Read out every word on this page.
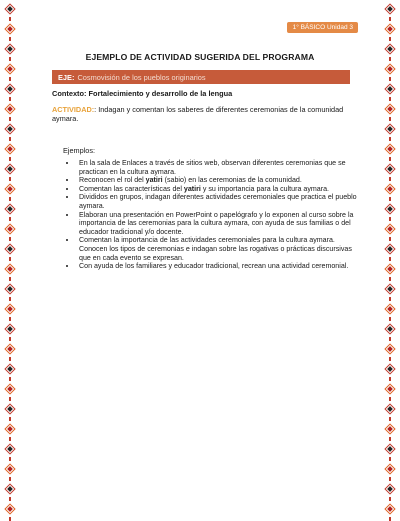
1° BÁSICO Unidad 3
EJEMPLO DE ACTIVIDAD SUGERIDA DEL PROGRAMA
EJE: Cosmovisión de los pueblos originarios
Contexto: Fortalecimiento y desarrollo de la lengua
ACTIVIDAD:: Indagan y comentan los saberes de diferentes ceremonias de la comunidad aymara.
Ejemplos:
• En la sala de Enlaces a través de sitios web, observan diferentes ceremonias que se practican en la cultura aymara.
• Reconocen el rol del yatiri (sabio) en las ceremonias de la comunidad.
• Comentan las características del yatiri y su importancia para la cultura aymara.
• Divididos en grupos, indagan diferentes actividades ceremoniales que practica el pueblo aymara.
• Elaboran una presentación en PowerPoint o papelógrafo y lo exponen al curso sobre la importancia de las ceremonias para la cultura aymara, con ayuda de sus familias o del educador tradicional y/o docente.
• Comentan la importancia de las actividades ceremoniales para la cultura aymara. Conocen los tipos de ceremonias e indagan sobre las rogativas o prácticas discursivas que en cada evento se expresan.
• Con ayuda de los familiares y educador tradicional, recrean una actividad ceremonial.
